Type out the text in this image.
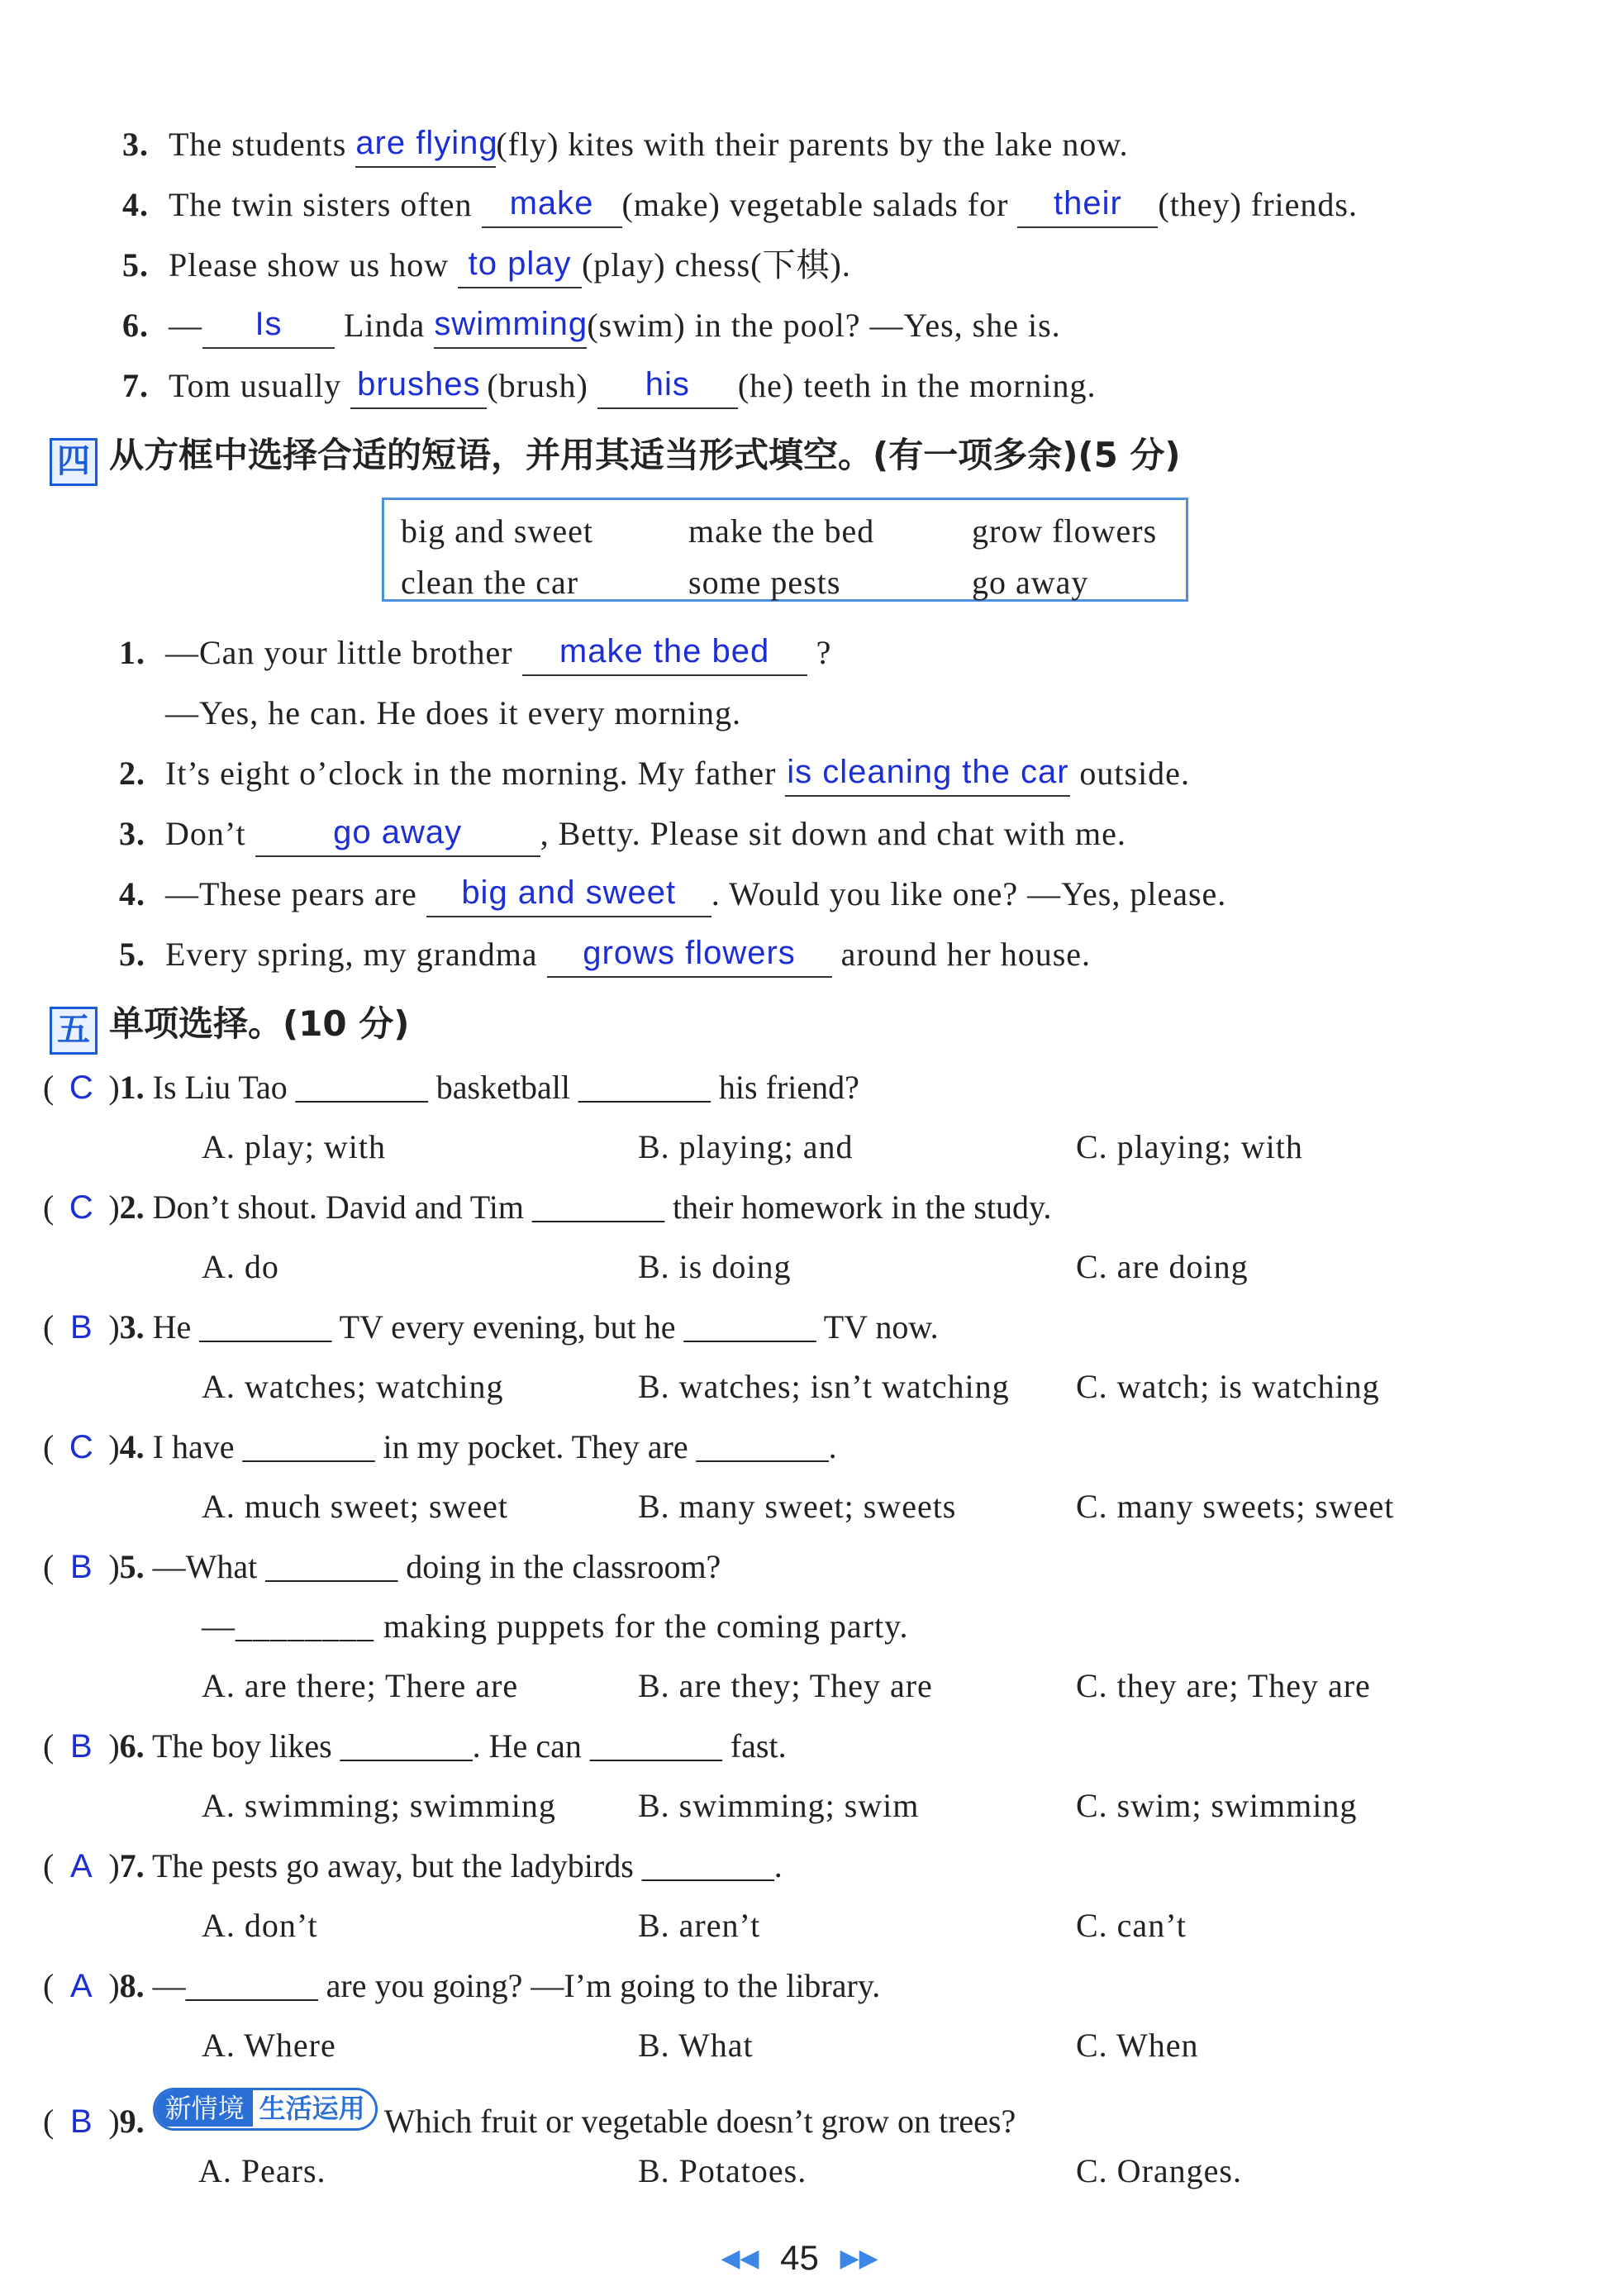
3. The students are flying(fly) kites with their parents by the lake now.
4. The twin sisters often make (make) vegetable salads for their (they) friends.
5. Please show us how to play (play) chess(下棋).
6. — Is Linda swimming(swim) in the pool? —Yes, she is.
7. Tom usually brushes (brush) his (he) teeth in the morning.
四 从方框中选择合适的短语，并用其适当形式填空。(有一项多余)(5 分)
big and sweet	make the bed	grow flowers
clean the car	some pests	go away
1. —Can your little brother make the bed ?
—Yes, he can. He does it every morning.
2. It’s eight o’clock in the morning. My father is cleaning the car outside.
3. Don’t go away , Betty. Please sit down and chat with me.
4. —These pears are big and sweet . Would you like one? —Yes, please.
5. Every spring, my grandma grows flowers around her house.
五 单项选择。(10 分)
( C )1. Is Liu Tao ________ basketball ________ his friend?
A. play; with	B. playing; and	C. playing; with
( C )2. Don’t shout. David and Tim ________ their homework in the study.
A. do	B. is doing	C. are doing
( B )3. He ________ TV every evening, but he ________ TV now.
A. watches; watching	B. watches; isn’t watching C. watch; is watching
( C )4. I have ________ in my pocket. They are ________.
A. much sweet; sweet	B. many sweet; sweets	C. many sweets; sweet
( B )5. —What ________ doing in the classroom?
—________ making puppets for the coming party.
A. are there; There are	B. are they; They are	C. they are; They are
( B )6. The boy likes ________. He can ________ fast.
A. swimming; swimming B. swimming; swim	C. swim; swimming
( A )7. The pests go away, but the ladybirds ________.
A. don’t	B. aren’t	C. can’t
( A )8. —________ are you going? —I’m going to the library.
A. Where	B. What	C. When
( B )9. 新情境 生活运用 Which fruit or vegetable doesn’t grow on trees?
A. Pears.	B. Potatoes.	C. Oranges.
◀◀ 45 ▶▶
